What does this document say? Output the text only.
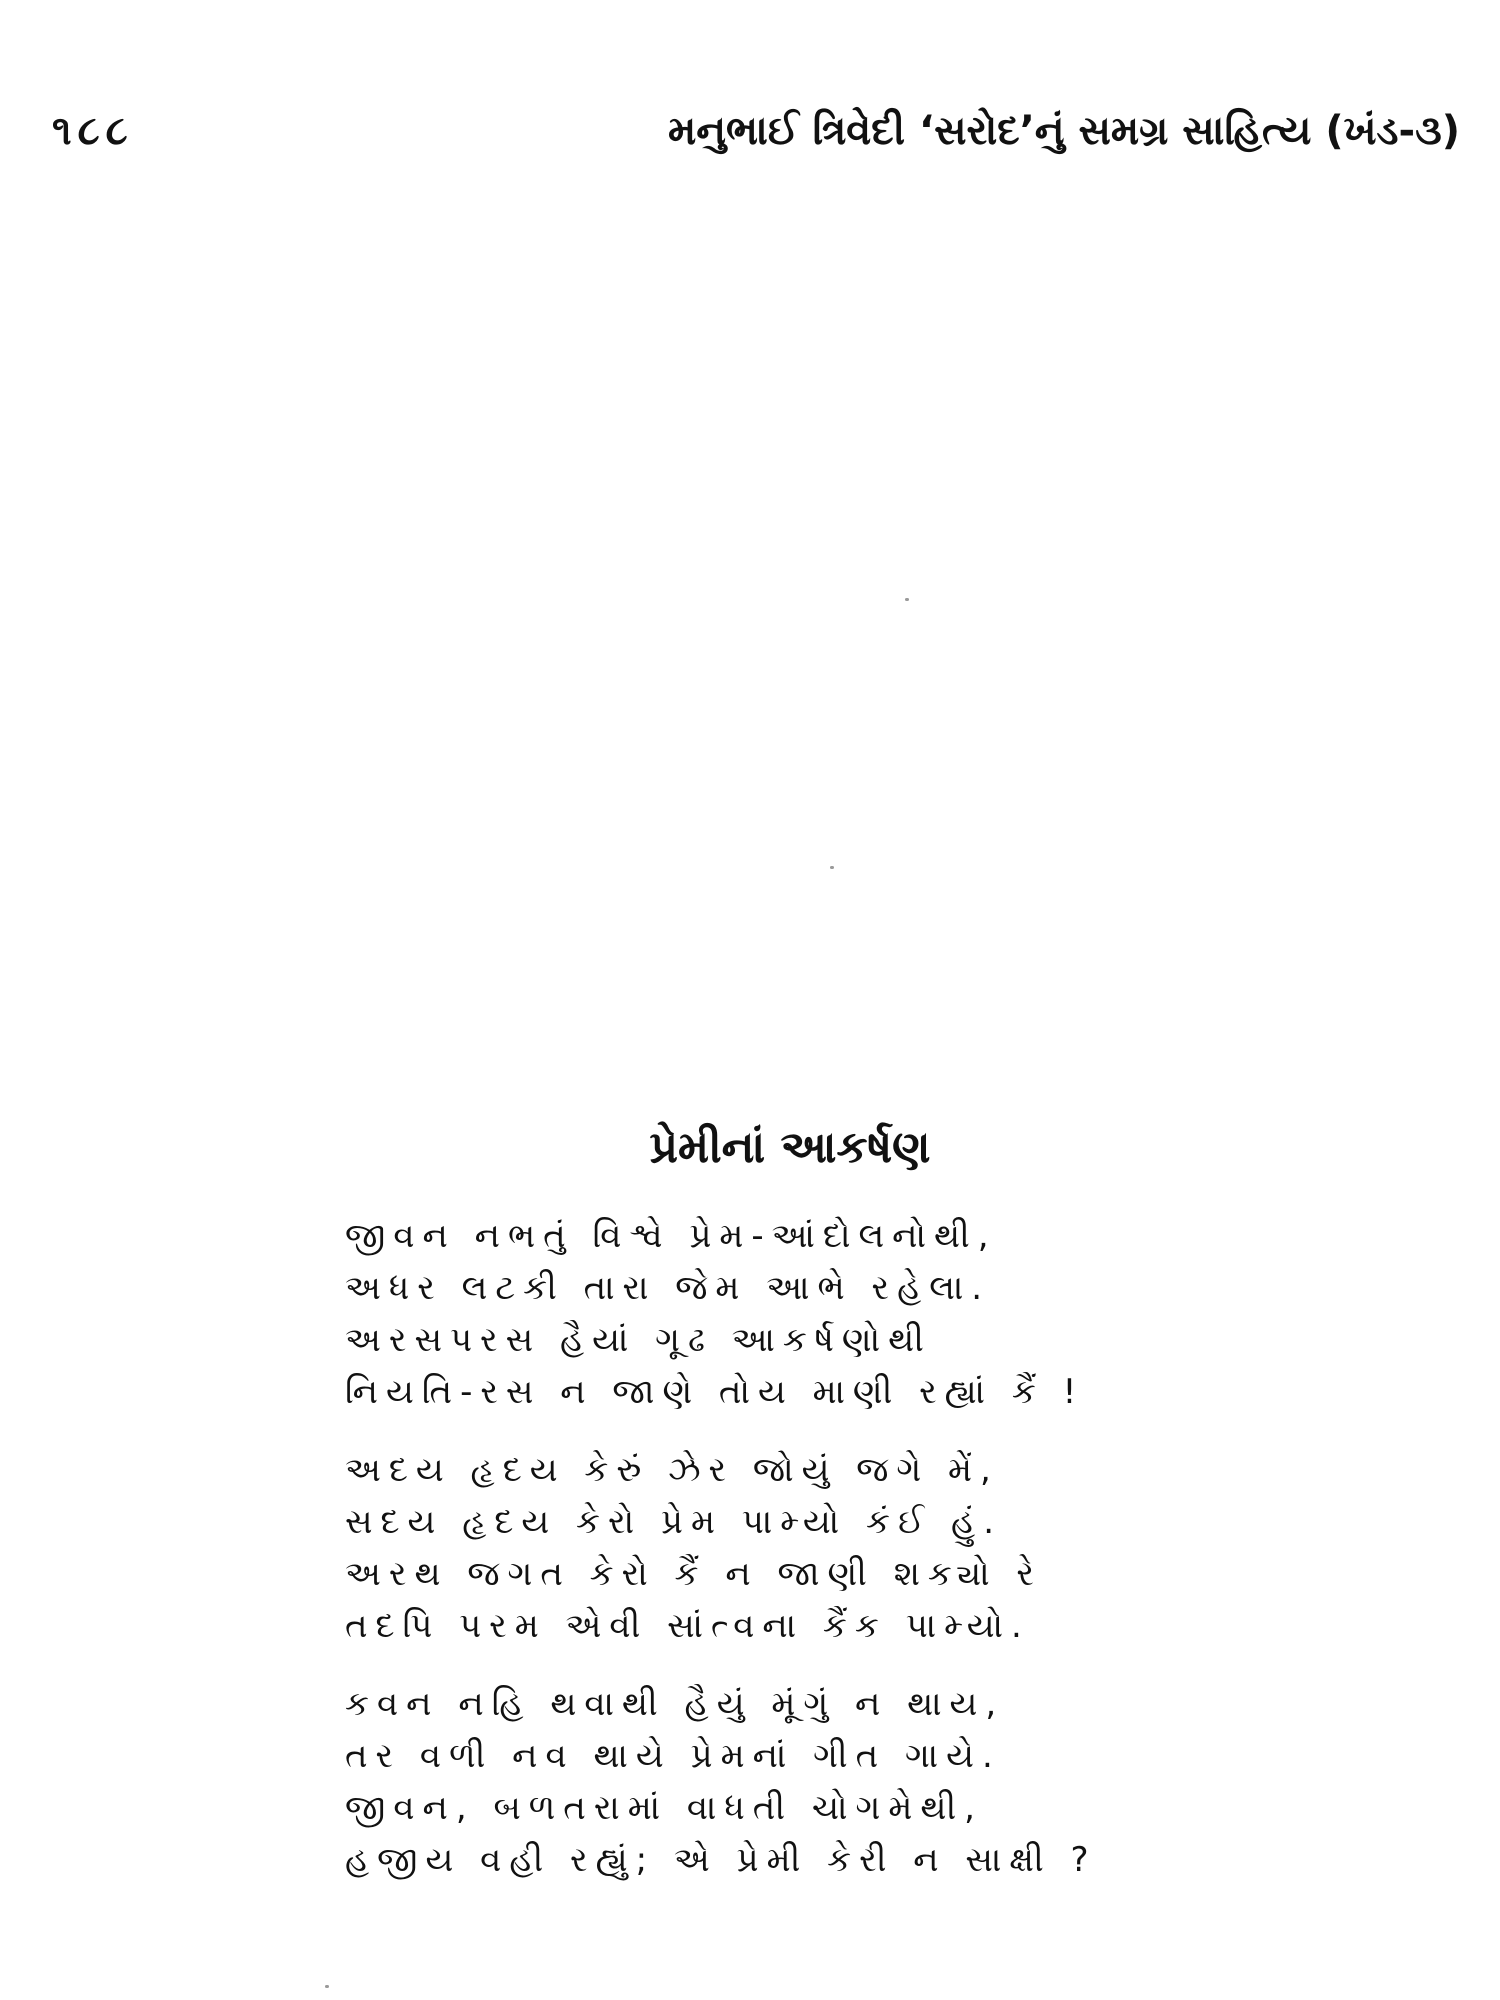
૧૮૮	મનુભાઈ ત્રિવેદી ‘સરોદ’નું સમગ્ર સાહિત્ય (ખંડ-૩)
પ્રેમીનાં આકર્ષણ
જીવન નભતું વિશ્વે પ્રેમ-આંદોલનોથી,
અધર લટકી તારા જેમ આભે રહેલા.
અરસપરસ હૈયાં ગૂઢ આકર્ષણોથી
નિયતિ-રસ ન જાણે તોય માણી રહ્યાં કૈં !
અદય હૃદય કેરું ઝેર જોયું જગે મેં,
સદય હૃદય કેરો પ્રેમ પામ્યો કંઈ હું.
અરથ જગત કેરો કૈં ન જાણી શક્યો રે
તદપિ પરમ એવી સાંત્વના કૈંક પામ્યો.
કવન નહિ થવાથી હૈયું મૂંગું ન થાય,
તર વળી નવ થાયે પ્રેમનાં ગીત ગાયે.
જીવન, બળતરામાં વાધતી ચોગમેથી,
હજીય વહી રહ્યું; એ પ્રેમી કેરી ન સાક્ષી ?
